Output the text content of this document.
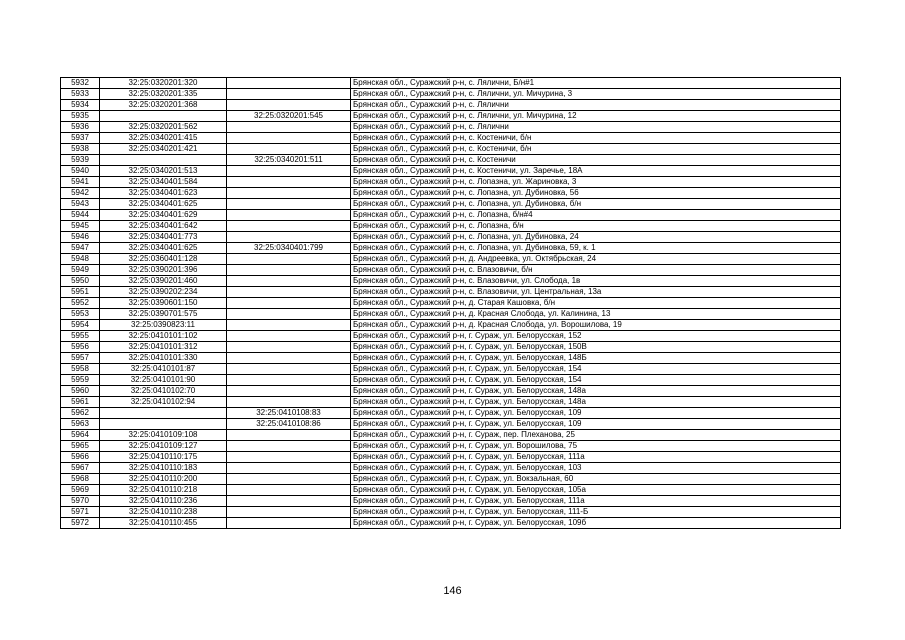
5932	32:25:0320201:320		Брянская обл., Суражский р-н, с. Лялични, Б/н#1
5933	32:25:0320201:335		Брянская обл., Суражский р-н, с. Лялични, ул. Мичурина, 3
5934	32:25:0320201:368		Брянская обл., Суражский р-н, с. Лялични
5935		32:25:0320201:545	Брянская обл., Суражский р-н, с. Лялични, ул. Мичурина, 12
5936	32:25:0320201:562		Брянская обл., Суражский р-н, с. Лялични
5937	32:25:0340201:415		Брянская обл., Суражский р-н, с. Костеничи, б/н
5938	32:25:0340201:421		Брянская обл., Суражский р-н, с. Костеничи, б/н
5939		32:25:0340201:511	Брянская обл., Суражский р-н, с. Костеничи
5940	32:25:0340201:513		Брянская обл., Суражский р-н, с. Костеничи, ул. Заречье, 18А
5941	32:25:0340401:584		Брянская обл., Суражский р-н, с. Лопазна, ул. Жариновка, 3
5942	32:25:0340401:623		Брянская обл., Суражский р-н, с. Лопазна, ул. Дубиновка, 56
5943	32:25:0340401:625		Брянская обл., Суражский р-н, с. Лопазна, ул. Дубиновка, б/н
5944	32:25:0340401:629		Брянская обл., Суражский р-н, с. Лопазна, б/н#4
5945	32:25:0340401:642		Брянская обл., Суражский р-н, с. Лопазна, б/н
5946	32:25:0340401:773		Брянская обл., Суражский р-н, с. Лопазна, ул. Дубиновка, 24
5947	32:25:0340401:625	32:25:0340401:799	Брянская обл., Суражский р-н, с. Лопазна, ул. Дубиновка, 59, к. 1
5948	32:25:0360401:128		Брянская обл., Суражский р-н, д. Андреевка, ул. Октябрьская, 24
5949	32:25:0390201:396		Брянская обл., Суражский р-н, с. Влазовичи, б/н
5950	32:25:0390201:460		Брянская обл., Суражский р-н, с. Влазовичи, ул. Слобода, 1в
5951	32:25:0390202:234		Брянская обл., Суражский р-н, с. Влазовичи, ул. Центральная, 13а
5952	32:25:0390601:150		Брянская обл., Суражский р-н, д. Старая Кашовка, б/н
5953	32:25:0390701:575		Брянская обл., Суражский р-н, д. Красная Слобода, ул. Калинина, 13
5954	32:25:0390823:11		Брянская обл., Суражский р-н, д. Красная Слобода, ул. Ворошилова, 19
5955	32:25:0410101:102		Брянская обл., Суражский р-н, г. Сураж, ул. Белорусская, 152
5956	32:25:0410101:312		Брянская обл., Суражский р-н, г. Сураж, ул. Белорусская, 150В
5957	32:25:0410101:330		Брянская обл., Суражский р-н, г. Сураж, ул. Белорусская, 148Б
5958	32:25:0410101:87		Брянская обл., Суражский р-н, г. Сураж, ул. Белорусская, 154
5959	32:25:0410101:90		Брянская обл., Суражский р-н, г. Сураж, ул. Белорусская, 154
5960	32:25:0410102:70		Брянская обл., Суражский р-н, г. Сураж, ул. Белорусская, 148а
5961	32:25:0410102:94		Брянская обл., Суражский р-н, г. Сураж, ул. Белорусская, 148а
5962		32:25:0410108:83	Брянская обл., Суражский р-н, г. Сураж, ул. Белорусская, 109
5963		32:25:0410108:86	Брянская обл., Суражский р-н, г. Сураж, ул. Белорусская, 109
5964	32:25:0410109:108		Брянская обл., Суражский р-н, г. Сураж, пер. Плеханова, 25
5965	32:25:0410109:127		Брянская обл., Суражский р-н, г. Сураж, ул. Ворошилова, 75
5966	32:25:0410110:175		Брянская обл., Суражский р-н, г. Сураж, ул. Белорусская, 111а
5967	32:25:0410110:183		Брянская обл., Суражский р-н, г. Сураж, ул. Белорусская, 103
5968	32:25:0410110:200		Брянская обл., Суражский р-н, г. Сураж, ул. Вокзальная, 60
5969	32:25:0410110:218		Брянская обл., Суражский р-н, г. Сураж, ул. Белорусская, 105а
5970	32:25:0410110:236		Брянская обл., Суражский р-н, г. Сураж, ул. Белорусская, 111а
5971	32:25:0410110:238		Брянская обл., Суражский р-н, г. Сураж, ул. Белорусская, 111-Б
5972	32:25:0410110:455		Брянская обл., Суражский р-н, г. Сураж, ул. Белорусская, 109б
146
